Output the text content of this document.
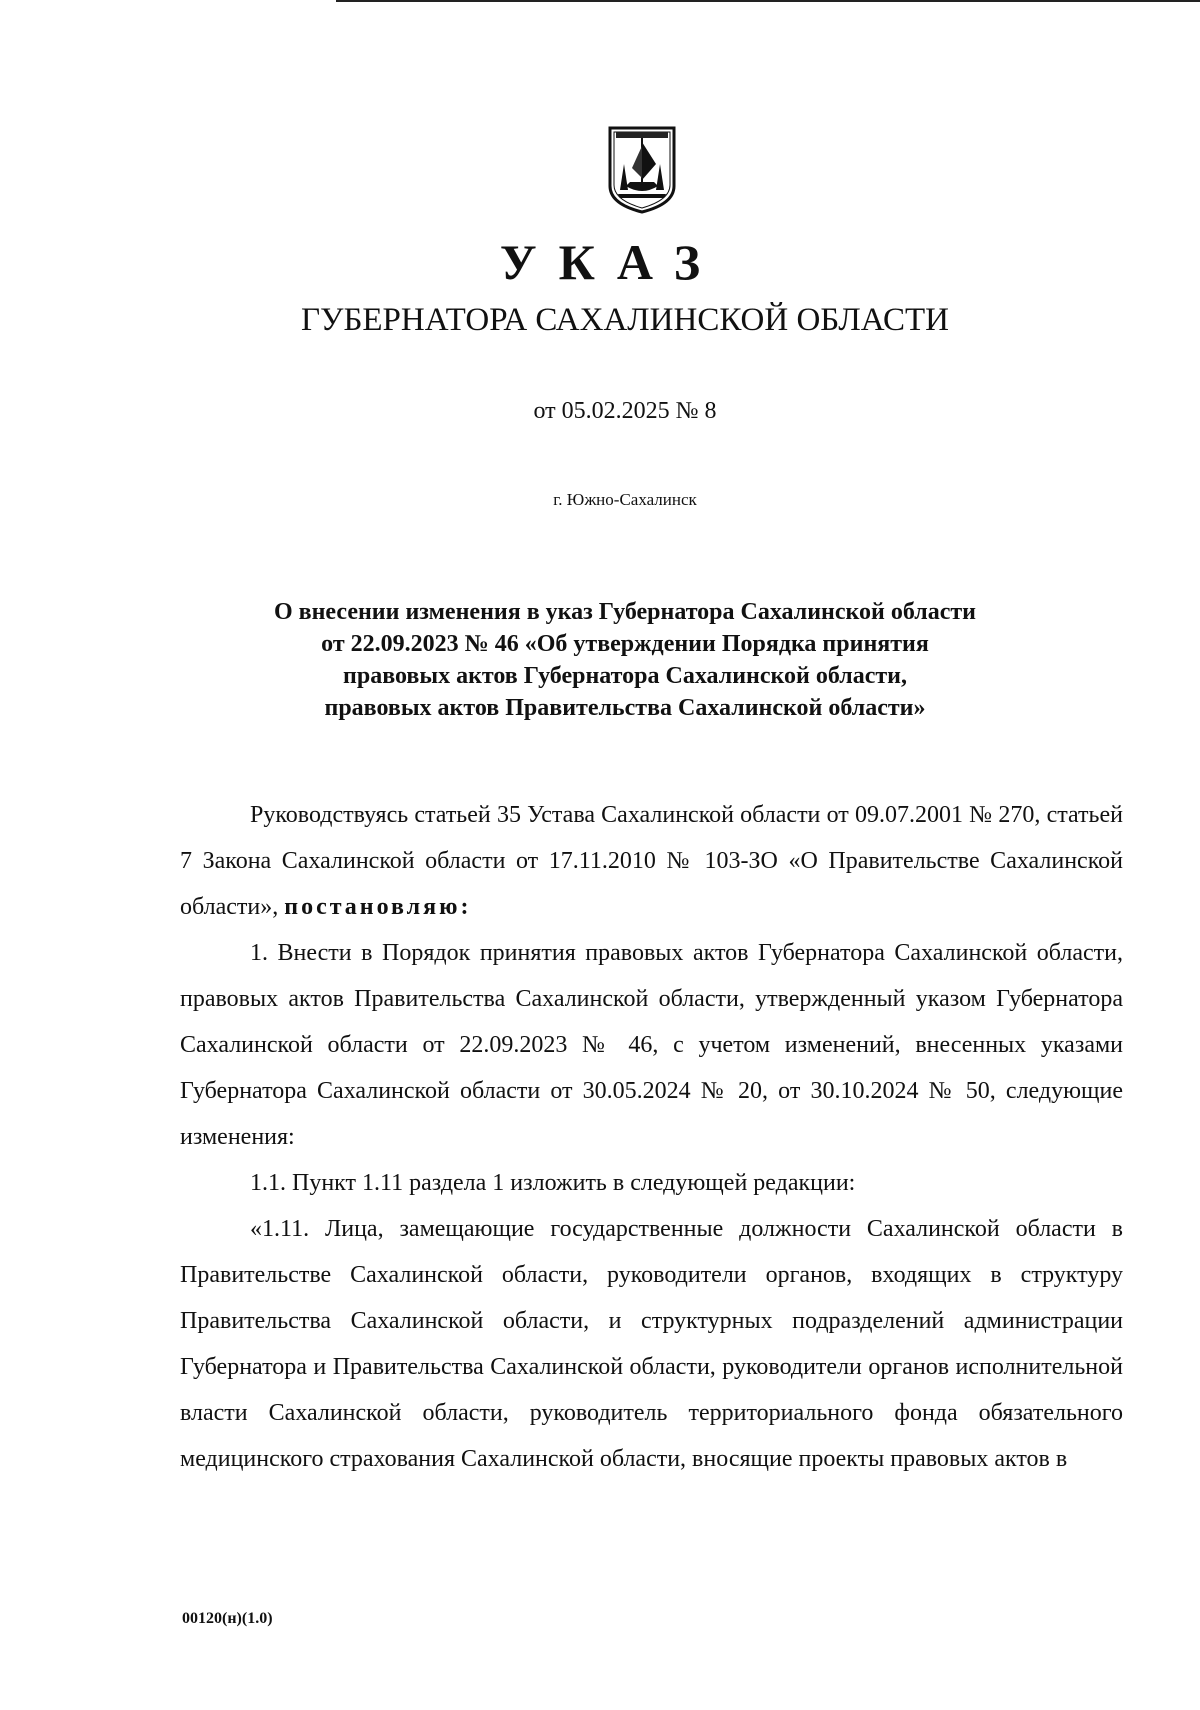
УКАЗ
ГУБЕРНАТОРА САХАЛИНСКОЙ ОБЛАСТИ
от 05.02.2025 № 8
г. Южно-Сахалинск
О внесении изменения в указ Губернатора Сахалинской области
от 22.09.2023 № 46 «Об утверждении Порядка принятия
правовых актов Губернатора Сахалинской области,
правовых актов Правительства Сахалинской области»

Руководствуясь статьей 35 Устава Сахалинской области от 09.07.2001 № 270, статьей 7 Закона Сахалинской области от 17.11.2010 № 103-ЗО «О Правительстве Сахалинской области», постановляю:

1. Внести в Порядок принятия правовых актов Губернатора Сахалинской области, правовых актов Правительства Сахалинской области, утвержденный указом Губернатора Сахалинской области от 22.09.2023 № 46, с учетом изменений, внесенных указами Губернатора Сахалинской области от 30.05.2024 № 20, от 30.10.2024 № 50, следующие изменения:

1.1. Пункт 1.11 раздела 1 изложить в следующей редакции:

«1.11. Лица, замещающие государственные должности Сахалинской области в Правительстве Сахалинской области, руководители органов, входящих в структуру Правительства Сахалинской области, и структурных подразделений администрации Губернатора и Правительства Сахалинской области, руководители органов исполнительной власти Сахалинской области, руководитель территориального фонда обязательного медицинского страхования Сахалинской области, вносящие проекты правовых актов в

00120(н)(1.0)
